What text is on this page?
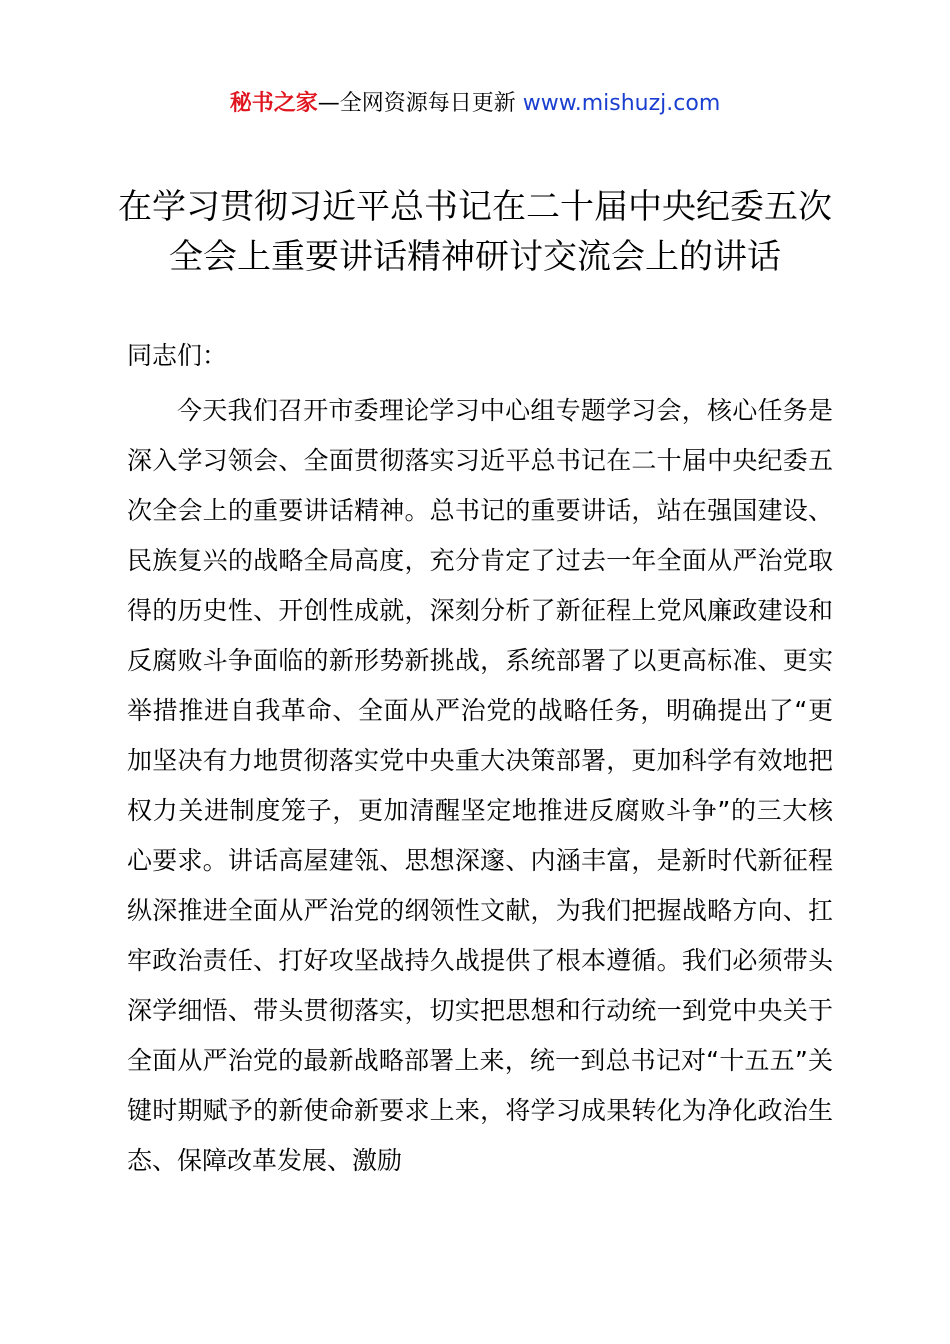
秘书之家—全网资源每日更新 www.mishuzj.com
在学习贯彻习近平总书记在二十届中央纪委五次全会上重要讲话精神研讨交流会上的讲话
同志们：

今天我们召开市委理论学习中心组专题学习会，核心任务是深入学习领会、全面贯彻落实习近平总书记在二十届中央纪委五次全会上的重要讲话精神。总书记的重要讲话，站在强国建设、民族复兴的战略全局高度，充分肯定了过去一年全面从严治党取得的历史性、开创性成就，深刻分析了新征程上党风廉政建设和反腐败斗争面临的新形势新挑战，系统部署了以更高标准、更实举措推进自我革命、全面从严治党的战略任务，明确提出了“更加坚决有力地贯彻落实党中央重大决策部署，更加科学有效地把权力关进制度笼子，更加清醒坚定地推进反腐败斗争”的三大核心要求。讲话高屋建瓴、思想深邃、内涵丰富，是新时代新征程纵深推进全面从严治党的纲领性文献，为我们把握战略方向、扛牢政治责任、打好攻坚战持久战提供了根本遵循。我们必须带头深学细悟、带头贯彻落实，切实把思想和行动统一到党中央关于全面从严治党的最新战略部署上来，统一到总书记对“十五五”关键时期赋予的新使命新要求上来，将学习成果转化为净化政治生态、保障改革发展、激励
